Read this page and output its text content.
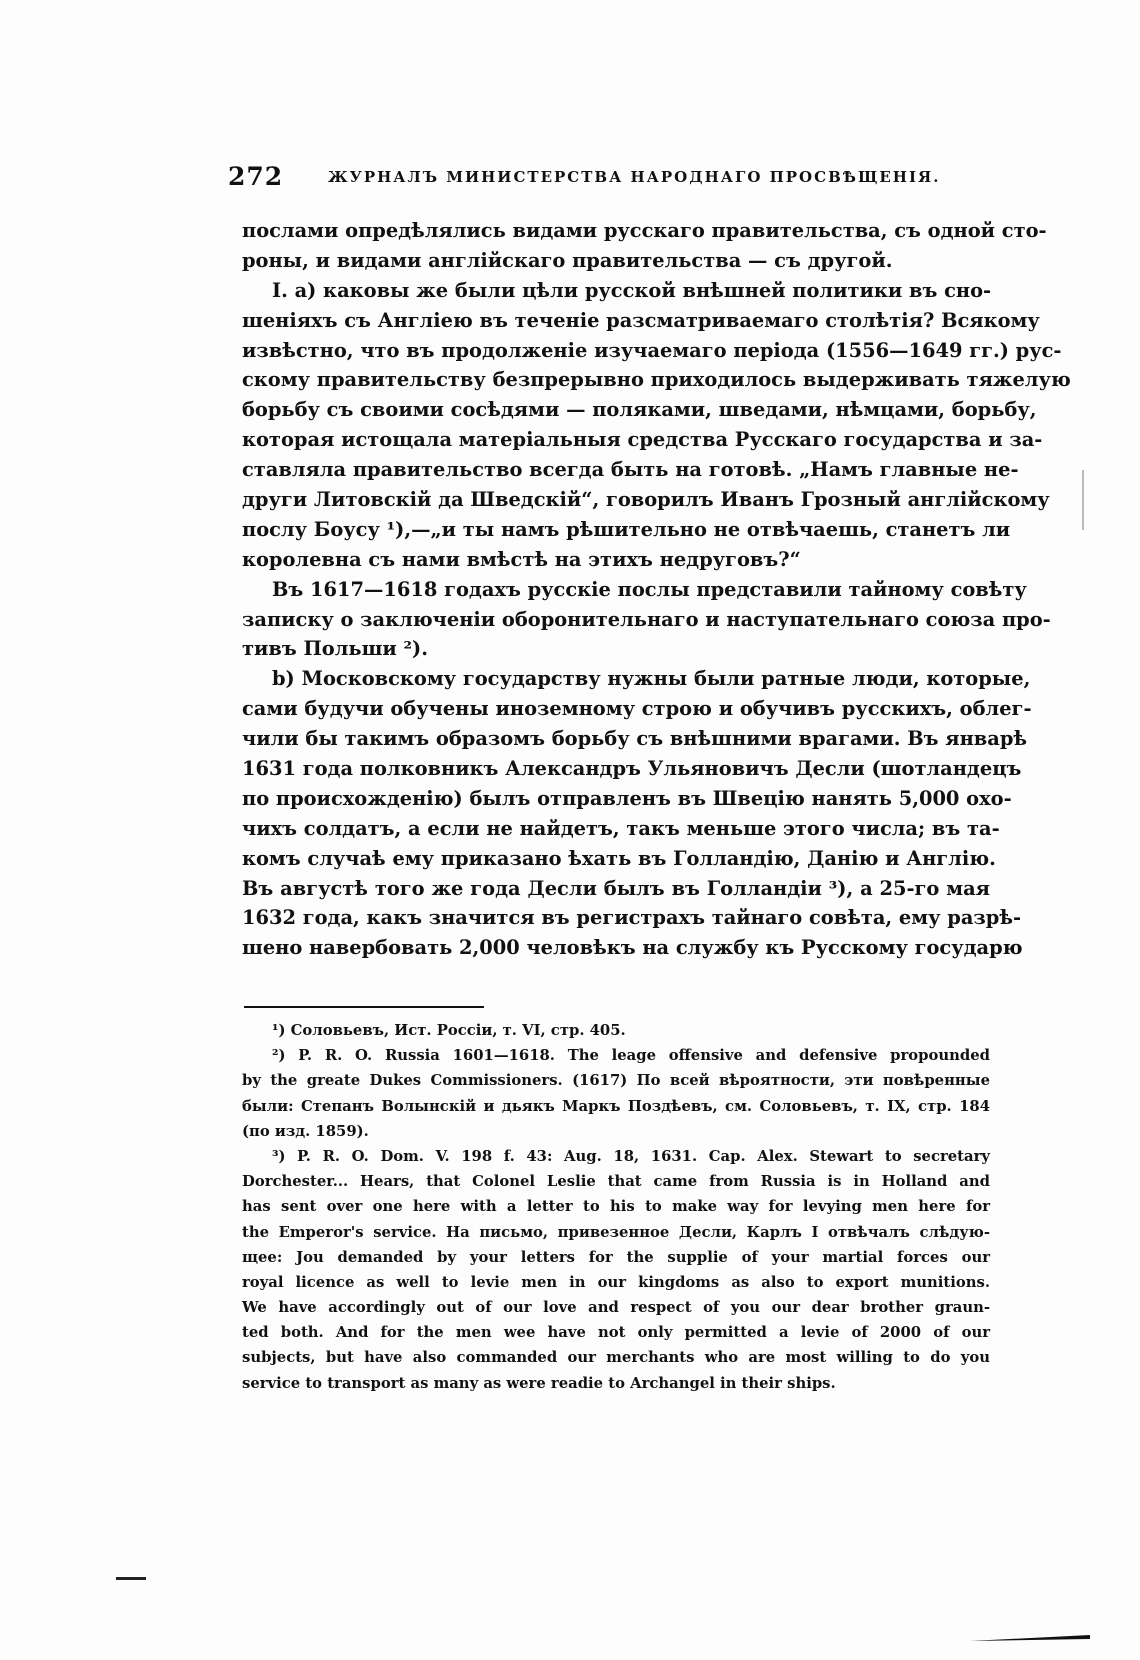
272	ЖУРНАЛЪ МИНИСТЕРСТВА НАРОДНАГО ПРОСВѢЩЕНІЯ.
послами опредѣлялись видами русскаго правительства, съ одной сто-
роны, и видами англійскаго правительства — съ другой.
I. a) каковы же были цѣли русской внѣшней политики въ сно-
шеніяхъ съ Англіею въ теченіе разсматриваемаго столѣтія? Всякому
извѣстно, что въ продолженіе изучаемаго періода (1556—1649 гг.) рус-
скому правительству безпрерывно приходилось выдерживать тяжелую
борьбу съ своими сосѣдями — поляками, шведами, нѣмцами, борьбу,
которая истощала матеріальныя средства Русскаго государства и за-
ставляла правительство всегда быть на готовѣ. „Намъ главные не-
други Литовскій да Шведскій“, говорилъ Иванъ Грозный англійскому
послу Боусу ¹),—„и ты намъ рѣшительно не отвѣчаешь, станетъ ли
королевна съ нами вмѣстѣ на этихъ недруговъ?“
Въ 1617—1618 годахъ русскіе послы представили тайному совѣту
записку о заключеніи оборонительнаго и наступательнаго союза про-
тивъ Польши ²).
b) Московскому государству нужны были ратные люди, которые,
сами будучи обучены иноземному строю и обучивъ русскихъ, облег-
чили бы такимъ образомъ борьбу съ внѣшними врагами. Въ январѣ
1631 года полковникъ Александръ Ульяновичъ Десли (шотландецъ
по происхожденію) былъ отправленъ въ Швецію нанять 5,000 охо-
чихъ солдатъ, а если не найдетъ, такъ меньше этого числа; въ та-
комъ случаѣ ему приказано ѣхать въ Голландію, Данію и Англію.
Въ августѣ того же года Десли былъ въ Голландіи ³), а 25-го мая
1632 года, какъ значится въ регистрахъ тайнаго совѣта, ему разрѣ-
шено навербовать 2,000 человѣкъ на службу къ Русскому государю
¹) Соловьевъ, Ист. Россіи, т. VI, стр. 405.
²) P. R. O. Russia 1601—1618. The leage offensive and defensive propounded
by the greate Dukes Commissioners. (1617) По всей вѣроятности, эти повѣренные
были: Степанъ Волынскій и дьякъ Маркъ Поздѣевъ, см. Соловьевъ, т. IX, стр. 184
(по изд. 1859).
³) P. R. O. Dom. V. 198 f. 43: Aug. 18, 1631. Cap. Alex. Stewart to secretary
Dorchester... Hears, that Colonel Leslie that came from Russia is in Holland and
has sent over one here with a letter to his to make way for levying men here for
the Emperor's service. На письмо, привезенное Десли, Карлъ I отвѣчалъ слѣдую-
щее: Jou demanded by your letters for the supplie of your martial forces our
royal licence as well to levie men in our kingdoms as also to export munitions.
We have accordingly out of our love and respect of you our dear brother graun-
ted both. And for the men wee have not only permitted a levie of 2000 of our
subjects, but have also commanded our merchants who are most willing to do you
service to transport as many as were readie to Archangel in their ships.
